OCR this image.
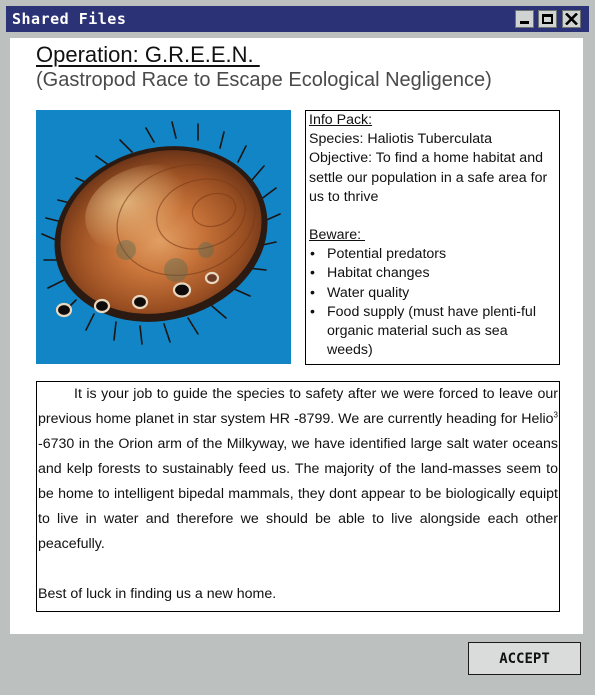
Shared Files
Operation: G.R.E.E.N.
(Gastropod Race to Escape Ecological Negligence)
Info Pack:
Species: Haliotis Tuberculata
Objective: To find a home habitat and settle our population in a safe area for us to thrive
Beware:
• Potential predators
• Habitat changes
• Water quality
• Food supply (must have plenti-ful organic material such as sea weeds)

It is your job to guide the species to safety after we were forced to leave our previous home planet in star system HR -8799. We are currently heading for Helio$^3$ -6730 in the Orion arm of the Milkyway, we have identified large salt water oceans and kelp forests to sustainably feed us. The majority of the land-masses seem to be home to intelligent bipedal mammals, they dont appear to be biologically equipt to live in water and therefore we should be able to live alongside each other peacefully.

Best of luck in finding us a new home.
ACCEPT
